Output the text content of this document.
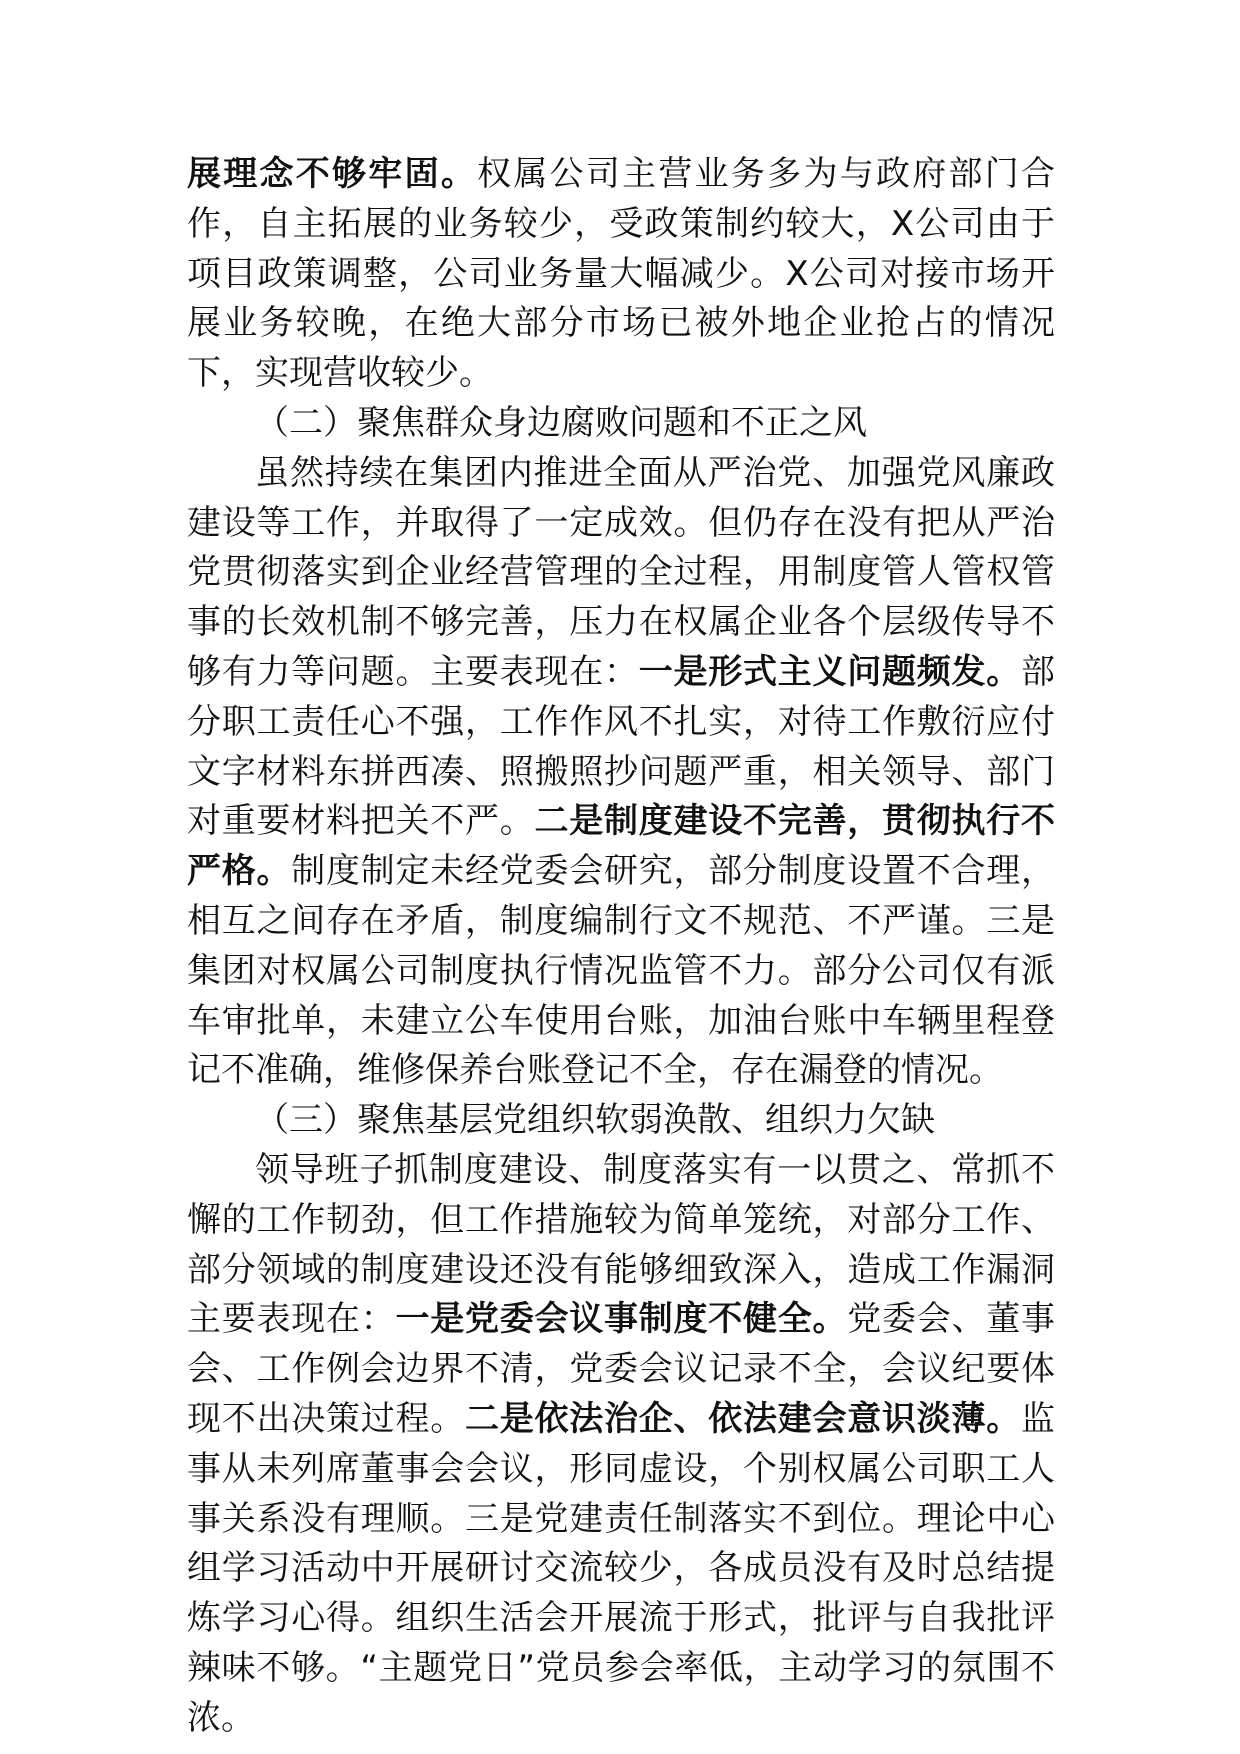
展理念不够牢固。权属公司主营业务多为与政府部门合作，自主拓展的业务较少，受政策制约较大，X公司由于项目政策调整，公司业务量大幅减少。X公司对接市场开展业务较晚，在绝大部分市场已被外地企业抢占的情况下，实现营收较少。

（二）聚焦群众身边腐败问题和不正之风

虽然持续在集团内推进全面从严治党、加强党风廉政建设等工作，并取得了一定成效。但仍存在没有把从严治党贯彻落实到企业经营管理的全过程，用制度管人管权管事的长效机制不够完善，压力在权属企业各个层级传导不够有力等问题。主要表现在：一是形式主义问题频发。部分职工责任心不强，工作作风不扎实，对待工作敷衍应付文字材料东拼西凑、照搬照抄问题严重，相关领导、部门对重要材料把关不严。二是制度建设不完善，贯彻执行不严格。制度制定未经党委会研究，部分制度设置不合理，相互之间存在矛盾，制度编制行文不规范、不严谨。三是集团对权属公司制度执行情况监管不力。部分公司仅有派车审批单，未建立公车使用台账，加油台账中车辆里程登记不准确，维修保养台账登记不全，存在漏登的情况。

（三）聚焦基层党组织软弱涣散、组织力欠缺

领导班子抓制度建设、制度落实有一以贯之、常抓不懈的工作韧劲，但工作措施较为简单笼统，对部分工作、部分领域的制度建设还没有能够细致深入，造成工作漏洞主要表现在：一是党委会议事制度不健全。党委会、董事会、工作例会边界不清，党委会议记录不全，会议纪要体现不出决策过程。二是依法治企、依法建会意识淡薄。监事从未列席董事会会议，形同虚设，个别权属公司职工人事关系没有理顺。三是党建责任制落实不到位。理论中心组学习活动中开展研讨交流较少，各成员没有及时总结提炼学习心得。组织生活会开展流于形式，批评与自我批评辣味不够。“主题党日”党员参会率低，主动学习的氛围不浓。
